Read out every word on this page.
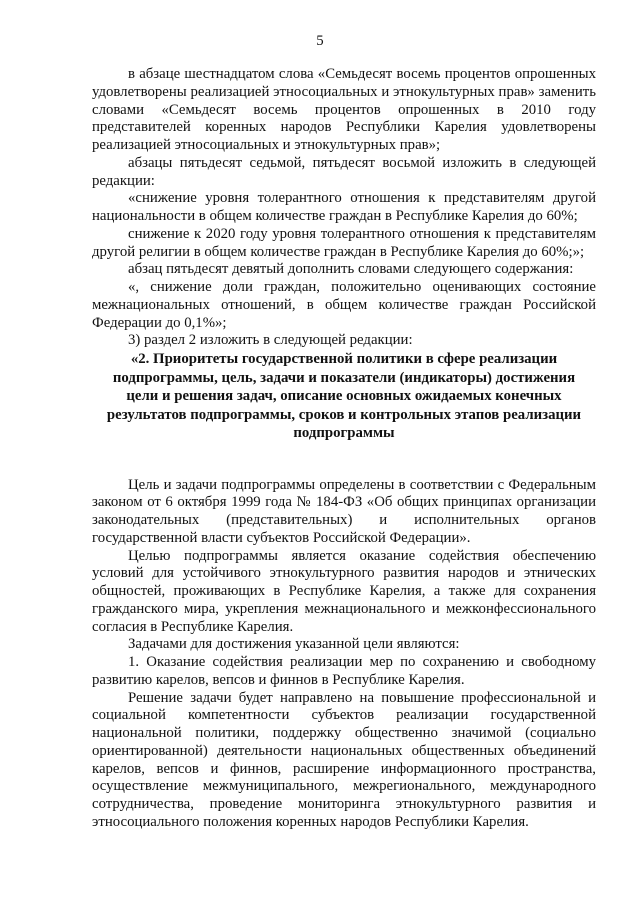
5

в абзаце шестнадцатом слова «Семьдесят восемь процентов опрошенных удовлетворены реализацией этносоциальных и этнокультурных прав» заменить словами «Семьдесят восемь процентов опрошенных в 2010 году представителей коренных народов Республики Карелия удовлетворены реализацией этносоциальных и этнокультурных прав»;

абзацы пятьдесят седьмой, пятьдесят восьмой изложить в следующей редакции:

«снижение уровня толерантного отношения к представителям другой национальности в общем количестве граждан в Республике Карелия до 60%;

снижение к 2020 году уровня толерантного отношения к представителям другой религии в общем количестве граждан в Республике Карелия до 60%;»;

абзац пятьдесят девятый дополнить словами следующего содержания:

«, снижение доли граждан, положительно оценивающих состояние межнациональных отношений, в общем количестве граждан Российской Федерации до 0,1%»;

3) раздел 2 изложить в следующей редакции:

«2. Приоритеты государственной политики в сфере реализации подпрограммы, цель, задачи и показатели (индикаторы) достижения цели и решения задач, описание основных ожидаемых конечных результатов подпрограммы, сроков и контрольных этапов реализации подпрограммы

Цель и задачи подпрограммы определены в соответствии с Федеральным законом от 6 октября 1999 года № 184-ФЗ «Об общих принципах организации законодательных (представительных) и исполнительных органов государственной власти субъектов Российской Федерации».

Целью подпрограммы является оказание содействия обеспечению условий для устойчивого этнокультурного развития народов и этнических общностей, проживающих в Республике Карелия, а также для сохранения гражданского мира, укрепления межнационального и межконфессионального согласия в Республике Карелия.

Задачами для достижения указанной цели являются:

1. Оказание содействия реализации мер по сохранению и свободному развитию карелов, вепсов и финнов в Республике Карелия.

Решение задачи будет направлено на повышение профессиональной и социальной компетентности субъектов реализации государственной национальной политики, поддержку общественно значимой (социально ориентированной) деятельности национальных общественных объединений карелов, вепсов и финнов, расширение информационного пространства, осуществление межмуниципального, межрегионального, международного сотрудничества, проведение мониторинга этнокультурного развития и этносоциального положения коренных народов Республики Карелия.
